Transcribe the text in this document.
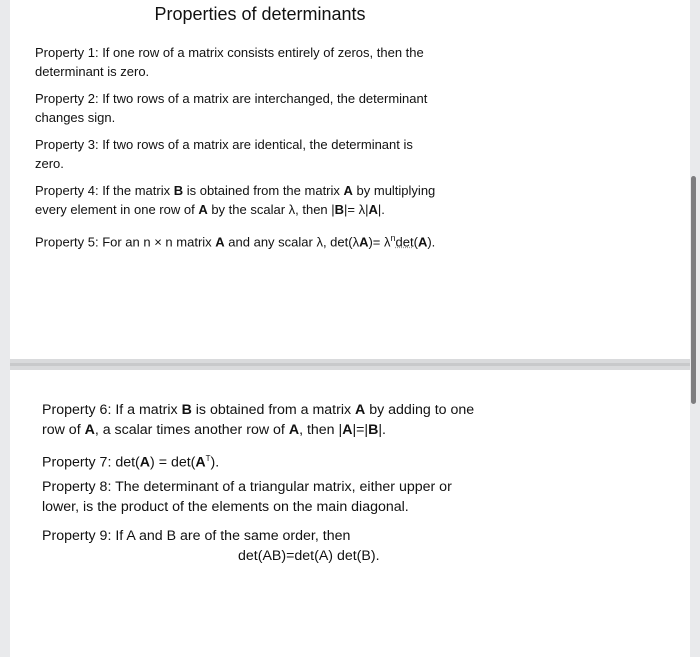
Properties of determinants
Property 1: If one row of a matrix consists entirely of zeros, then the
determinant is zero.
Property 2: If two rows of a matrix are interchanged, the determinant
changes sign.
Property 3: If two rows of a matrix are identical, the determinant is
zero.
Property 4: If the matrix B is obtained from the matrix A by multiplying
every element in one row of A by the scalar λ, then |B|= λ|A|.
Property 5: For an n × n matrix A and any scalar λ, $\det(\lambda A)= \lambda^n\det(A)$.
Property 6: If a matrix B is obtained from a matrix A by adding to one
row of A, a scalar times another row of A, then |A|=|B|.
Property 7: $\det(A) = \det(A^T)$.
Property 8: The determinant of a triangular matrix, either upper or
lower, is the product of the elements on the main diagonal.
Property 9: If A and B are of the same order, then
det(AB)=det(A) det(B).
